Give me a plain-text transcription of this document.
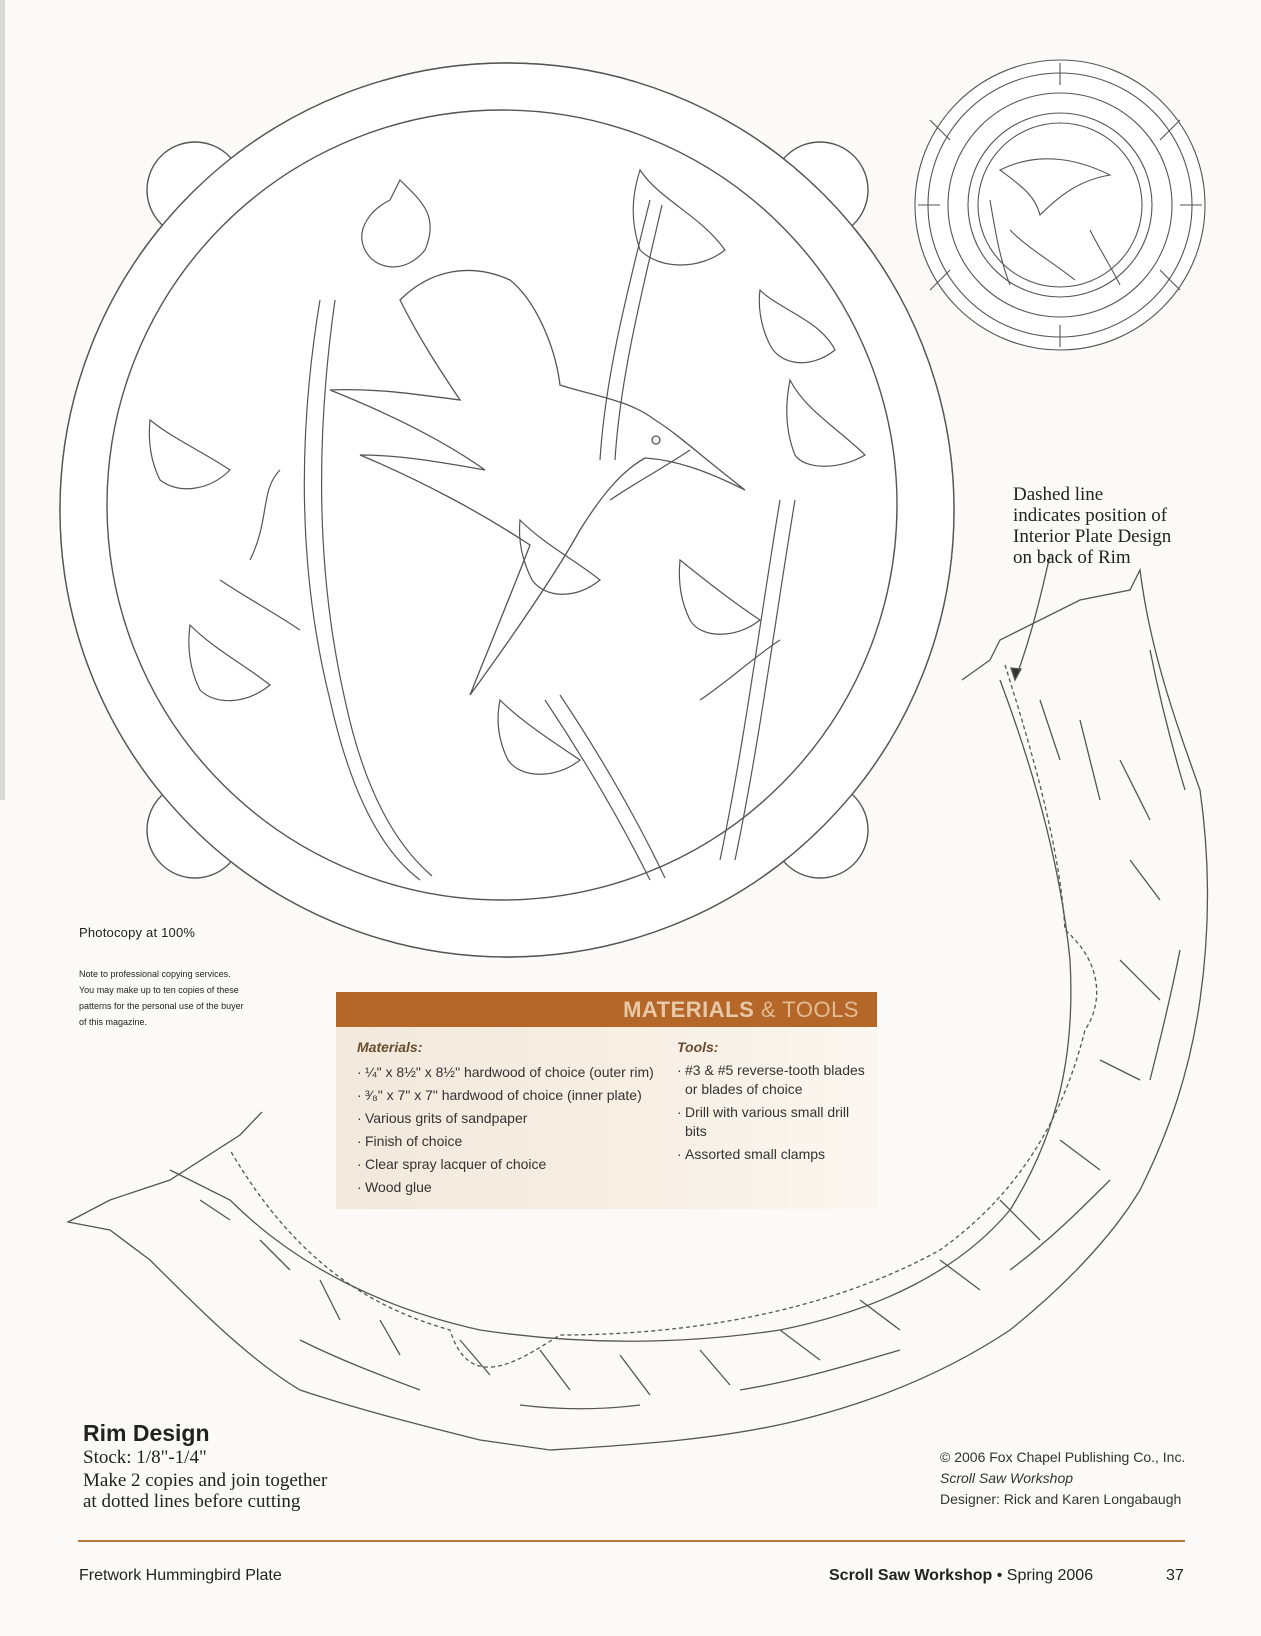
Photocopy at 100%
Note to professional copying services. You may make up to ten copies of these patterns for the personal use of the buyer of this magazine.
Dashed line
indicates position of
Interior Plate Design
on back of Rim
MATERIALS & TOOLS
Materials:
· ¼" x 8½" x 8½" hardwood of choice (outer rim)
· ³⁄₈" x 7" x 7" hardwood of choice (inner plate)
· Various grits of sandpaper
· Finish of choice
· Clear spray lacquer of choice
· Wood glue
Tools:
· #3 & #5 reverse-tooth blades or blades of choice
· Drill with various small drill bits
· Assorted small clamps
Rim Design
Stock: 1/8"-1/4"
Make 2 copies and join together
at dotted lines before cutting
© 2006 Fox Chapel Publishing Co., Inc.
Scroll Saw Workshop
Designer: Rick and Karen Longabaugh
Fretwork Hummingbird Plate	Scroll Saw Workshop • Spring 2006	37
